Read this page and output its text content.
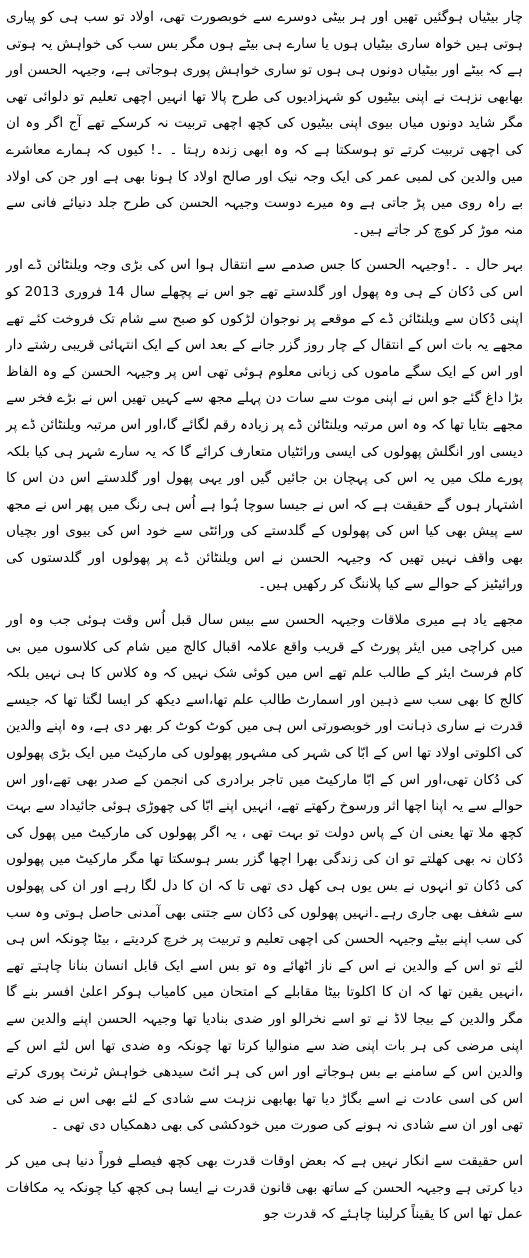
چار بیٹیاں ہوگئیں تھیں اور ہر بیٹی دوسرے سے خوبصورت تھی، اولاد تو سب ہی کو پیاری ہوتی ہیں خواہ ساری بیٹیاں ہوں یا سارے ہی بیٹے ہوں مگر بس سب کی خواہش یہ ہوتی ہے کہ بیٹے اور بیٹیاں دونوں ہی ہوں تو ساری خواہش پوری ہوجاتی ہے، وجیہہ الحسن اور بھابھی نزہت نے اپنی بیٹیوں کو شہزادیوں کی طرح پالا تھا انہیں اچھی تعلیم تو دلوائی تھی مگر شاید دونوں میاں بیوی اپنی بیٹیوں کی کچھ اچھی تربیت نہ کرسکے تھے آج اگر وہ ان کی اچھی تربیت کرتے تو ہوسکتا ہے کہ وہ ابھی زندہ رہتا ۔ ۔! کیوں کہ ہمارے معاشرے میں والدین کی لمبی عمر کی ایک وجہ نیک اور صالح اولاد کا ہونا بھی ہے اور جن کی اولاد بے راہ روی میں پڑ جاتی ہے وہ میرے دوست وجیہہ الحسن کی طرح جلد دنیائے فانی سے منہ موڑ کر کوچ کر جاتے ہیں۔
بہر حال ۔ ۔!وجیہہ الحسن کا جس صدمے سے انتقال ہوا اس کی بڑی وجہ ویلنٹائن ڈے اور اس کی دُکان کے ہی وہ پھول اور گلدستے تھے جو اس نے پچھلے سال 14 فروری 2013 کو اپنی دُکان سے ویلنٹائن ڈے کے موقعے پر نوجوان لڑکوں کو صبح سے شام تک فروخت کئے تھے مجھے یہ بات اس کے انتقال کے چار روز گزر جانے کے بعد اس کے ایک انتہائی قریبی رشتے دار اور اس کے ایک سگے ماموں کی زبانی معلوم ہوئی تھی اس پر وجیہہ الحسن کے وہ الفاظ بڑا داغ گئے جو اس نے اپنی موت سے سات دن پہلے مجھ سے کہیں تھیں اس نے بڑے فخر سے مجھے بتایا تھا کہ وہ اس مرتبہ ویلنٹائن ڈے پر زیادہ رقم لگائے گا،اور اس مرتبہ ویلنٹائن ڈے پر دیسی اور انگلش پھولوں کی ایسی ورائٹیاں متعارف کرائے گا کہ یہ سارے شہر ہی کیا بلکہ پورے ملک میں یہ اس کی پہچان بن جائیں گیں اور یہی پھول اور گلدستے اس دن اس کا اشتہار ہوں گے حقیقت ہے کہ اس نے جیسا سوچا ہُوا ہے اُس ہی رنگ میں پھر اس نے مجھ سے پیش بھی کیا اس کی پھولوں کے گلدستے کی ورائٹی سے خود اس کی بیوی اور بچیاں بھی واقف نہیں تھیں کہ وجیہہ الحسن نے اس ویلنٹائن ڈے پر پھولوں اور گلدستوں کی ورائیٹیز کے حوالے سے کیا پلاننگ کر رکھیں ہیں۔
مجھے یاد ہے میری ملاقات وجیہہ الحسن سے بیس سال قبل اُس وقت ہوئی جب وہ اور میں کراچی میں ایئر پورٹ کے قریب واقع علامہ اقبال کالج میں شام کی کلاسوں میں بی کام فرسٹ ایئر کے طالب علم تھے اس میں کوئی شک نہیں کہ وہ کلاس کا ہی نہیں بلکہ کالج کا بھی سب سے ذہین اور اسمارٹ طالب علم تھا،اسے دیکھ کر ایسا لگتا تھا کہ جیسے قدرت نے ساری ذہانت اور خوبصورتی اس ہی میں کوٹ کوٹ کر بھر دی ہے، وہ اپنے والدین کی اکلوتی اولاد تھا اس کے ابّا کی شہر کی مشہور پھولوں کی مارکیٹ میں ایک بڑی پھولوں کی دُکان تھی،اور اس کے ابّا مارکیٹ میں تاجر برادری کی انجمن کے صدر بھی تھے،اور اس حوالے سے یہ اپنا اچھا اثر ورسوخ رکھتے تھے، انہیں اپنے ابّا کی چھوڑی ہوئی جائیداد سے بہت کچھ ملا تھا یعنی ان کے پاس دولت تو بہت تھی ، یہ اگر پھولوں کی مارکیٹ میں پھول کی دُکان نہ بھی کھلتے تو ان کی زندگی بھرا اچھا گزر بسر ہوسکتا تھا مگر مارکیٹ میں پھولوں کی دُکان تو انہوں نے بس یوں ہی کھل دی تھی تا کہ ان کا دل لگا رہے اور ان کی پھولوں سے شغف بھی جاری رہے۔انہیں پھولوں کی دُکان سے جتنی بھی آمدنی حاصل ہوتی وہ سب کی سب اپنے بیٹے وجیہہ الحسن کی اچھی تعلیم و تربیت پر خرچ کردیتے ، بیٹا چونکہ اس ہی لئے تو اس کے والدین نے اس کے ناز اٹھائے وہ تو بس اسے ایک قابل انسان بنانا چاہتے تھے ،انہیں یقین تھا کہ ان کا اکلوتا بیٹا مقابلے کے امتحان میں کامیاب ہوکر اعلیٰ افسر بنے گا مگر والدین کے بیجا لاڈ نے تو اسے نخرالو اور ضدی بنادیا تھا وجیہہ الحسن اپنے والدین سے اپنی مرضی کی ہر بات اپنی ضد سے منوالیا کرتا تھا چونکہ وہ ضدی تھا اس لئے اس کے والدین اس کے سامنے بے بس ہوجاتے اور اس کی ہر ائٹ سیدھی خواہش ٹرنٹ پوری کرتے اس کی اسی عادت نے اسے بگاڑ دیا تھا بھابھی نزہت سے شادی کے لئے بھی اس نے ضد کی تھی اور ان سے شادی نہ ہونے کی صورت میں خودکشی کی بھی دھمکیاں دی تھی ۔
اس حقیقت سے انکار نہیں ہے کہ بعض اوقات قدرت بھی کچھ فیصلے فوراً دنیا ہی میں کر دیا کرتی ہے وجیہہ الحسن کے ساتھ بھی قانون قدرت نے ایسا ہی کچھ کیا چونکہ یہ مکافات عمل تھا اس کا یقیناً کرلینا چاہئے کہ قدرت جو
